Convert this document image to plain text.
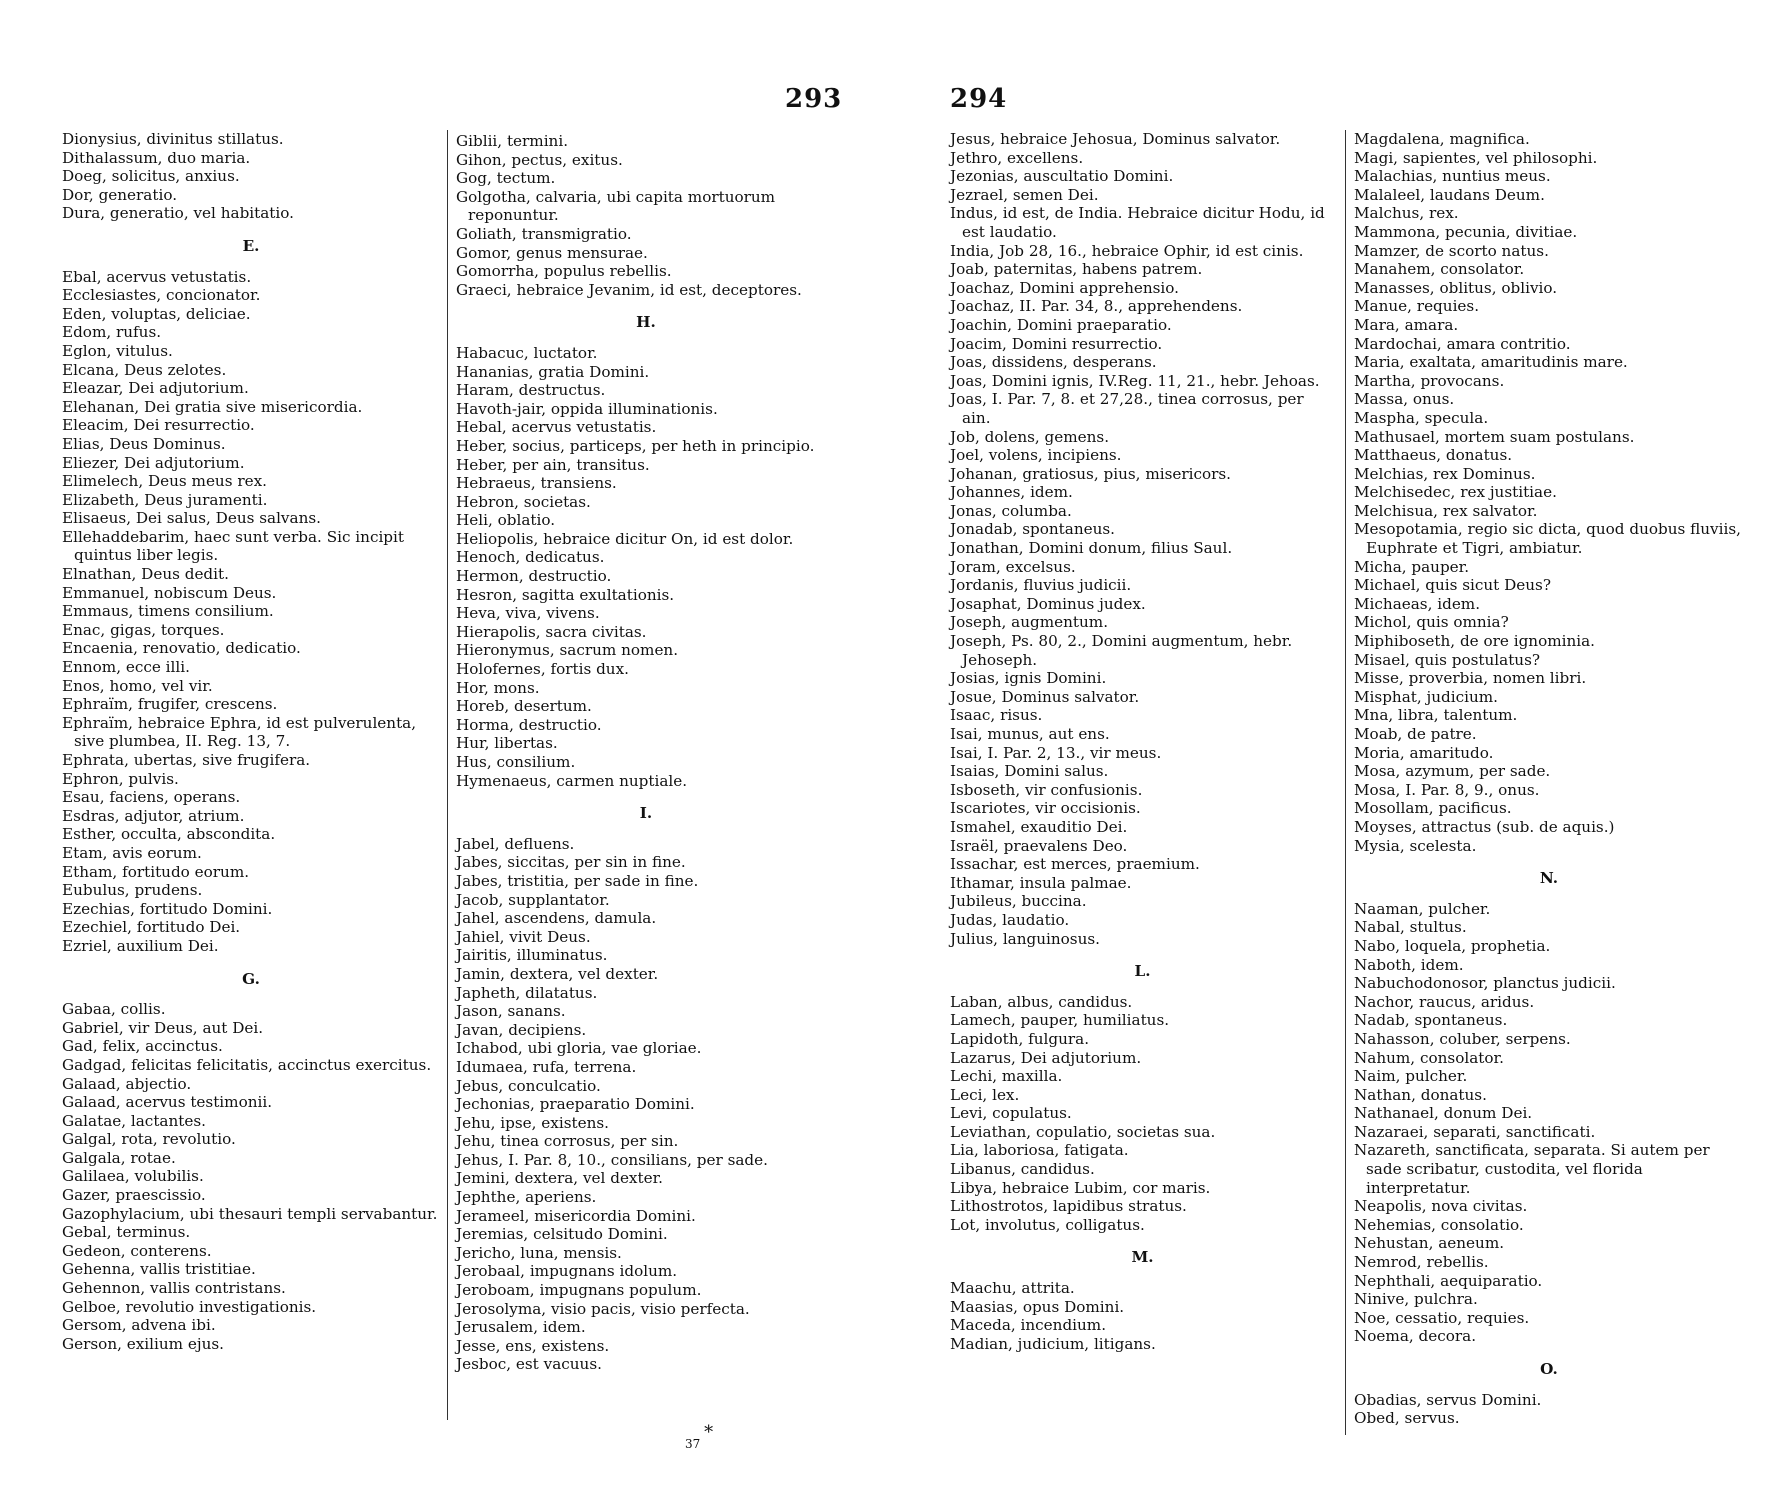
293	294
Dionysius, divinitus stillatus.
Dithalassum, duo maria.
Doeg, solicitus, anxius.
Dor, generatio.
Dura, generatio, vel habitatio.
E.
Ebal, acervus vetustatis.
Ecclesiastes, concionator.
Eden, voluptas, deliciae.
Edom, rufus.
Eglon, vitulus.
Elcana, Deus zelotes.
Eleazar, Dei adjutorium.
Elehanan, Dei gratia sive misericordia.
Eleacim, Dei resurrectio.
Elias, Deus Dominus.
Eliezer, Dei adjutorium.
Elimelech, Deus meus rex.
Elizabeth, Deus juramenti.
Elisaeus, Dei salus, Deus salvans.
Ellehaddebarim, haec sunt verba. Sic incipit quintus liber legis.
Elnathan, Deus dedit.
Emmanuel, nobiscum Deus.
Emmaus, timens consilium.
Enac, gigas, torques.
Encaenia, renovatio, dedicatio.
Ennom, ecce illi.
Enos, homo, vel vir.
Ephraïm, frugifer, crescens.
Ephraïm, hebraice Ephra, id est pulverulenta, sive plumbea, II. Reg. 13, 7.
Ephrata, ubertas, sive frugifera.
Ephron, pulvis.
Esau, faciens, operans.
Esdras, adjutor, atrium.
Esther, occulta, abscondita.
Etam, avis eorum.
Etham, fortitudo eorum.
Eubulus, prudens.
Ezechias, fortitudo Domini.
Ezechiel, fortitudo Dei.
Ezriel, auxilium Dei.
G.
Gabaa, collis.
Gabriel, vir Deus, aut Dei.
Gad, felix, accinctus.
Gadgad, felicitas felicitatis, accinctus exercitus.
Galaad, abjectio.
Galaad, acervus testimonii.
Galatae, lactantes.
Galgal, rota, revolutio.
Galgala, rotae.
Galilaea, volubilis.
Gazer, praescissio.
Gazophylacium, ubi thesauri templi servabantur.
Gebal, terminus.
Gedeon, conterens.
Gehenna, vallis tristitiae.
Gehennon, vallis contristans.
Gelboe, revolutio investigationis.
Gersom, advena ibi.
Gerson, exilium ejus.
Giblii, termini.
Gihon, pectus, exitus.
Gog, tectum.
Golgotha, calvaria, ubi capita mortuorum reponuntur.
Goliath, transmigratio.
Gomor, genus mensurae.
Gomorrha, populus rebellis.
Graeci, hebraice Jevanim, id est, deceptores.
H.
Habacuc, luctator.
Hananias, gratia Domini.
Haram, destructus.
Havoth-jair, oppida illuminationis.
Hebal, acervus vetustatis.
Heber, socius, particeps, per heth in principio.
Heber, per ain, transitus.
Hebraeus, transiens.
Hebron, societas.
Heli, oblatio.
Heliopolis, hebraice dicitur On, id est dolor.
Henoch, dedicatus.
Hermon, destructio.
Hesron, sagitta exultationis.
Heva, viva, vivens.
Hierapolis, sacra civitas.
Hieronymus, sacrum nomen.
Holofernes, fortis dux.
Hor, mons.
Horeb, desertum.
Horma, destructio.
Hur, libertas.
Hus, consilium.
Hymenaeus, carmen nuptiale.
I.
Jabel, defluens.
Jabes, siccitas, per sin in fine.
Jabes, tristitia, per sade in fine.
Jacob, supplantator.
Jahel, ascendens, damula.
Jahiel, vivit Deus.
Jairitis, illuminatus.
Jamin, dextera, vel dexter.
Japheth, dilatatus.
Jason, sanans.
Javan, decipiens.
Ichabod, ubi gloria, vae gloriae.
Idumaea, rufa, terrena.
Jebus, conculcatio.
Jechonias, praeparatio Domini.
Jehu, ipse, existens.
Jehu, tinea corrosus, per sin.
Jehus, I. Par. 8, 10., consilians, per sade.
Jemini, dextera, vel dexter.
Jephthe, aperiens.
Jerameel, misericordia Domini.
Jeremias, celsitudo Domini.
Jericho, luna, mensis.
Jerobaal, impugnans idolum.
Jeroboam, impugnans populum.
Jerosolyma, visio pacis, visio perfecta.
Jerusalem, idem.
Jesse, ens, existens.
Jesboc, est vacuus.
Jesus, hebraice Jehosua, Dominus salvator.
Jethro, excellens.
Jezonias, auscultatio Domini.
Jezrael, semen Dei.
Indus, id est, de India. Hebraice dicitur Hodu, id est laudatio.
India, Job 28, 16., hebraice Ophir, id est cinis.
Joab, paternitas, habens patrem.
Joachaz, Domini apprehensio.
Joachaz, II. Par. 34, 8., apprehendens.
Joachin, Domini praeparatio.
Joacim, Domini resurrectio.
Joas, dissidens, desperans.
Joas, Domini ignis, IV.Reg. 11, 21., hebr. Jehoas.
Joas, I. Par. 7, 8. et 27,28., tinea corrosus, per ain.
Job, dolens, gemens.
Joel, volens, incipiens.
Johanan, gratiosus, pius, misericors.
Johannes, idem.
Jonas, columba.
Jonadab, spontaneus.
Jonathan, Domini donum, filius Saul.
Joram, excelsus.
Jordanis, fluvius judicii.
Josaphat, Dominus judex.
Joseph, augmentum.
Joseph, Ps. 80, 2., Domini augmentum, hebr. Jehoseph.
Josias, ignis Domini.
Josue, Dominus salvator.
Isaac, risus.
Isai, munus, aut ens.
Isai, I. Par. 2, 13., vir meus.
Isaias, Domini salus.
Isboseth, vir confusionis.
Iscariotes, vir occisionis.
Ismahel, exauditio Dei.
Israël, praevalens Deo.
Issachar, est merces, praemium.
Ithamar, insula palmae.
Jubileus, buccina.
Judas, laudatio.
Julius, languinosus.
L.
Laban, albus, candidus.
Lamech, pauper, humiliatus.
Lapidoth, fulgura.
Lazarus, Dei adjutorium.
Lechi, maxilla.
Leci, lex.
Levi, copulatus.
Leviathan, copulatio, societas sua.
Lia, laboriosa, fatigata.
Libanus, candidus.
Libya, hebraice Lubim, cor maris.
Lithostrotos, lapidibus stratus.
Lot, involutus, colligatus.
M.
Maachu, attrita.
Maasias, opus Domini.
Maceda, incendium.
Madian, judicium, litigans.
Magdalena, magnifica.
Magi, sapientes, vel philosophi.
Malachias, nuntius meus.
Malaleel, laudans Deum.
Malchus, rex.
Mammona, pecunia, divitiae.
Mamzer, de scorto natus.
Manahem, consolator.
Manasses, oblitus, oblivio.
Manue, requies.
Mara, amara.
Mardochai, amara contritio.
Maria, exaltata, amaritudinis mare.
Martha, provocans.
Massa, onus.
Maspha, specula.
Mathusael, mortem suam postulans.
Matthaeus, donatus.
Melchias, rex Dominus.
Melchisedec, rex justitiae.
Melchisua, rex salvator.
Mesopotamia, regio sic dicta, quod duobus fluviis, Euphrate et Tigri, ambiatur.
Micha, pauper.
Michael, quis sicut Deus?
Michaeas, idem.
Michol, quis omnia?
Miphiboseth, de ore ignominia.
Misael, quis postulatus?
Misse, proverbia, nomen libri.
Misphat, judicium.
Mna, libra, talentum.
Moab, de patre.
Moria, amaritudo.
Mosa, azymum, per sade.
Mosa, I. Par. 8, 9., onus.
Mosollam, pacificus.
Moyses, attractus (sub. de aquis.)
Mysia, scelesta.
N.
Naaman, pulcher.
Nabal, stultus.
Nabo, loquela, prophetia.
Naboth, idem.
Nabuchodonosor, planctus judicii.
Nachor, raucus, aridus.
Nadab, spontaneus.
Nahasson, coluber, serpens.
Nahum, consolator.
Naim, pulcher.
Nathan, donatus.
Nathanael, donum Dei.
Nazaraei, separati, sanctificati.
Nazareth, sanctificata, separata. Si autem per sade scribatur, custodita, vel florida interpretatur.
Neapolis, nova civitas.
Nehemias, consolatio.
Nehustan, aeneum.
Nemrod, rebellis.
Nephthali, aequiparatio.
Ninive, pulchra.
Noe, cessatio, requies.
Noema, decora.
O.
Obadias, servus Domini.
Obed, servus.
37 *
